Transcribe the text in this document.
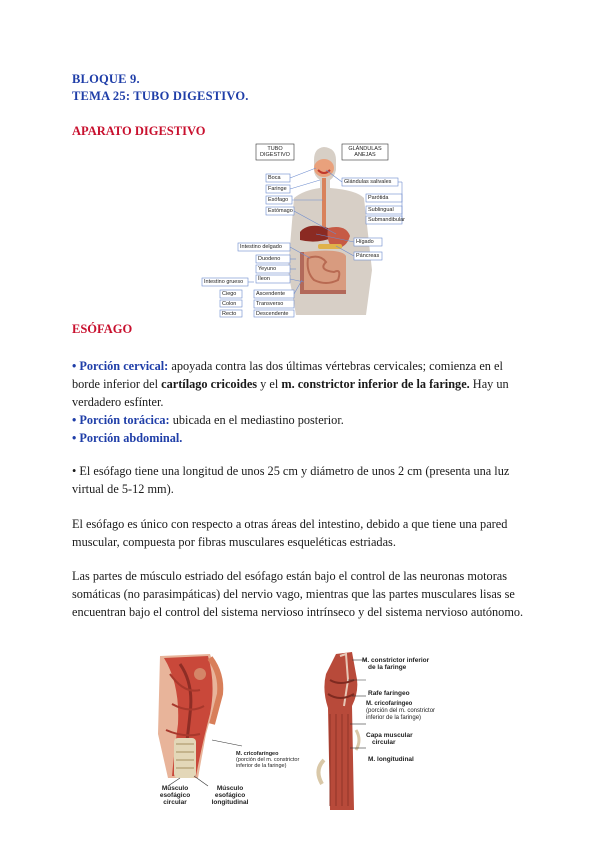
BLOQUE 9.
TEMA 25: TUBO DIGESTIVO.
APARATO DIGESTIVO
TUBO DIGESTIVO
GLÁNDULAS ANEJAS
Boca
Faringe
Esófago
Estómago
Intestino delgado
Duodeno
Yeyuno
Íleon
Intestino grueso
Ciego
Colon
Recto
Ascendente
Transverso
Descendente
Glándulas salivales
Parótida
Sublingual
Submandibular
Hígado
Páncreas
ESÓFAGO
• Porción cervical: apoyada contra las dos últimas vértebras cervicales; comienza en el borde inferior del cartílago cricoides y el m. constrictor inferior de la faringe. Hay un verdadero esfínter.
• Porción torácica: ubicada en el mediastino posterior.
• Porción abdominal.
• El esófago tiene una longitud de unos 25 cm y diámetro de unos 2 cm (presenta una luz virtual de 5-12 mm).
El esófago es único con respecto a otras áreas del intestino, debido a que tiene una pared muscular, compuesta por fibras musculares esqueléticas estriadas.
Las partes de músculo estriado del esófago están bajo el control de las neuronas motoras somáticas (no parasimpáticas) del nervio vago, mientras que las partes musculares lisas se encuentran bajo el control del sistema nervioso intrínseco y del sistema nervioso autónomo.
M. cricofaríngeo
(porción del m. constrictor
inferior de la faringe)
Músculo esofágico
circular
Músculo esofágico
longitudinal
M. constrictor inferior
de la faringe
Rafe faríngeo
M. cricofaríngeo
(porción del m. constrictor
inferior de la faringe)
Capa muscular
circular
M. longitudinal
